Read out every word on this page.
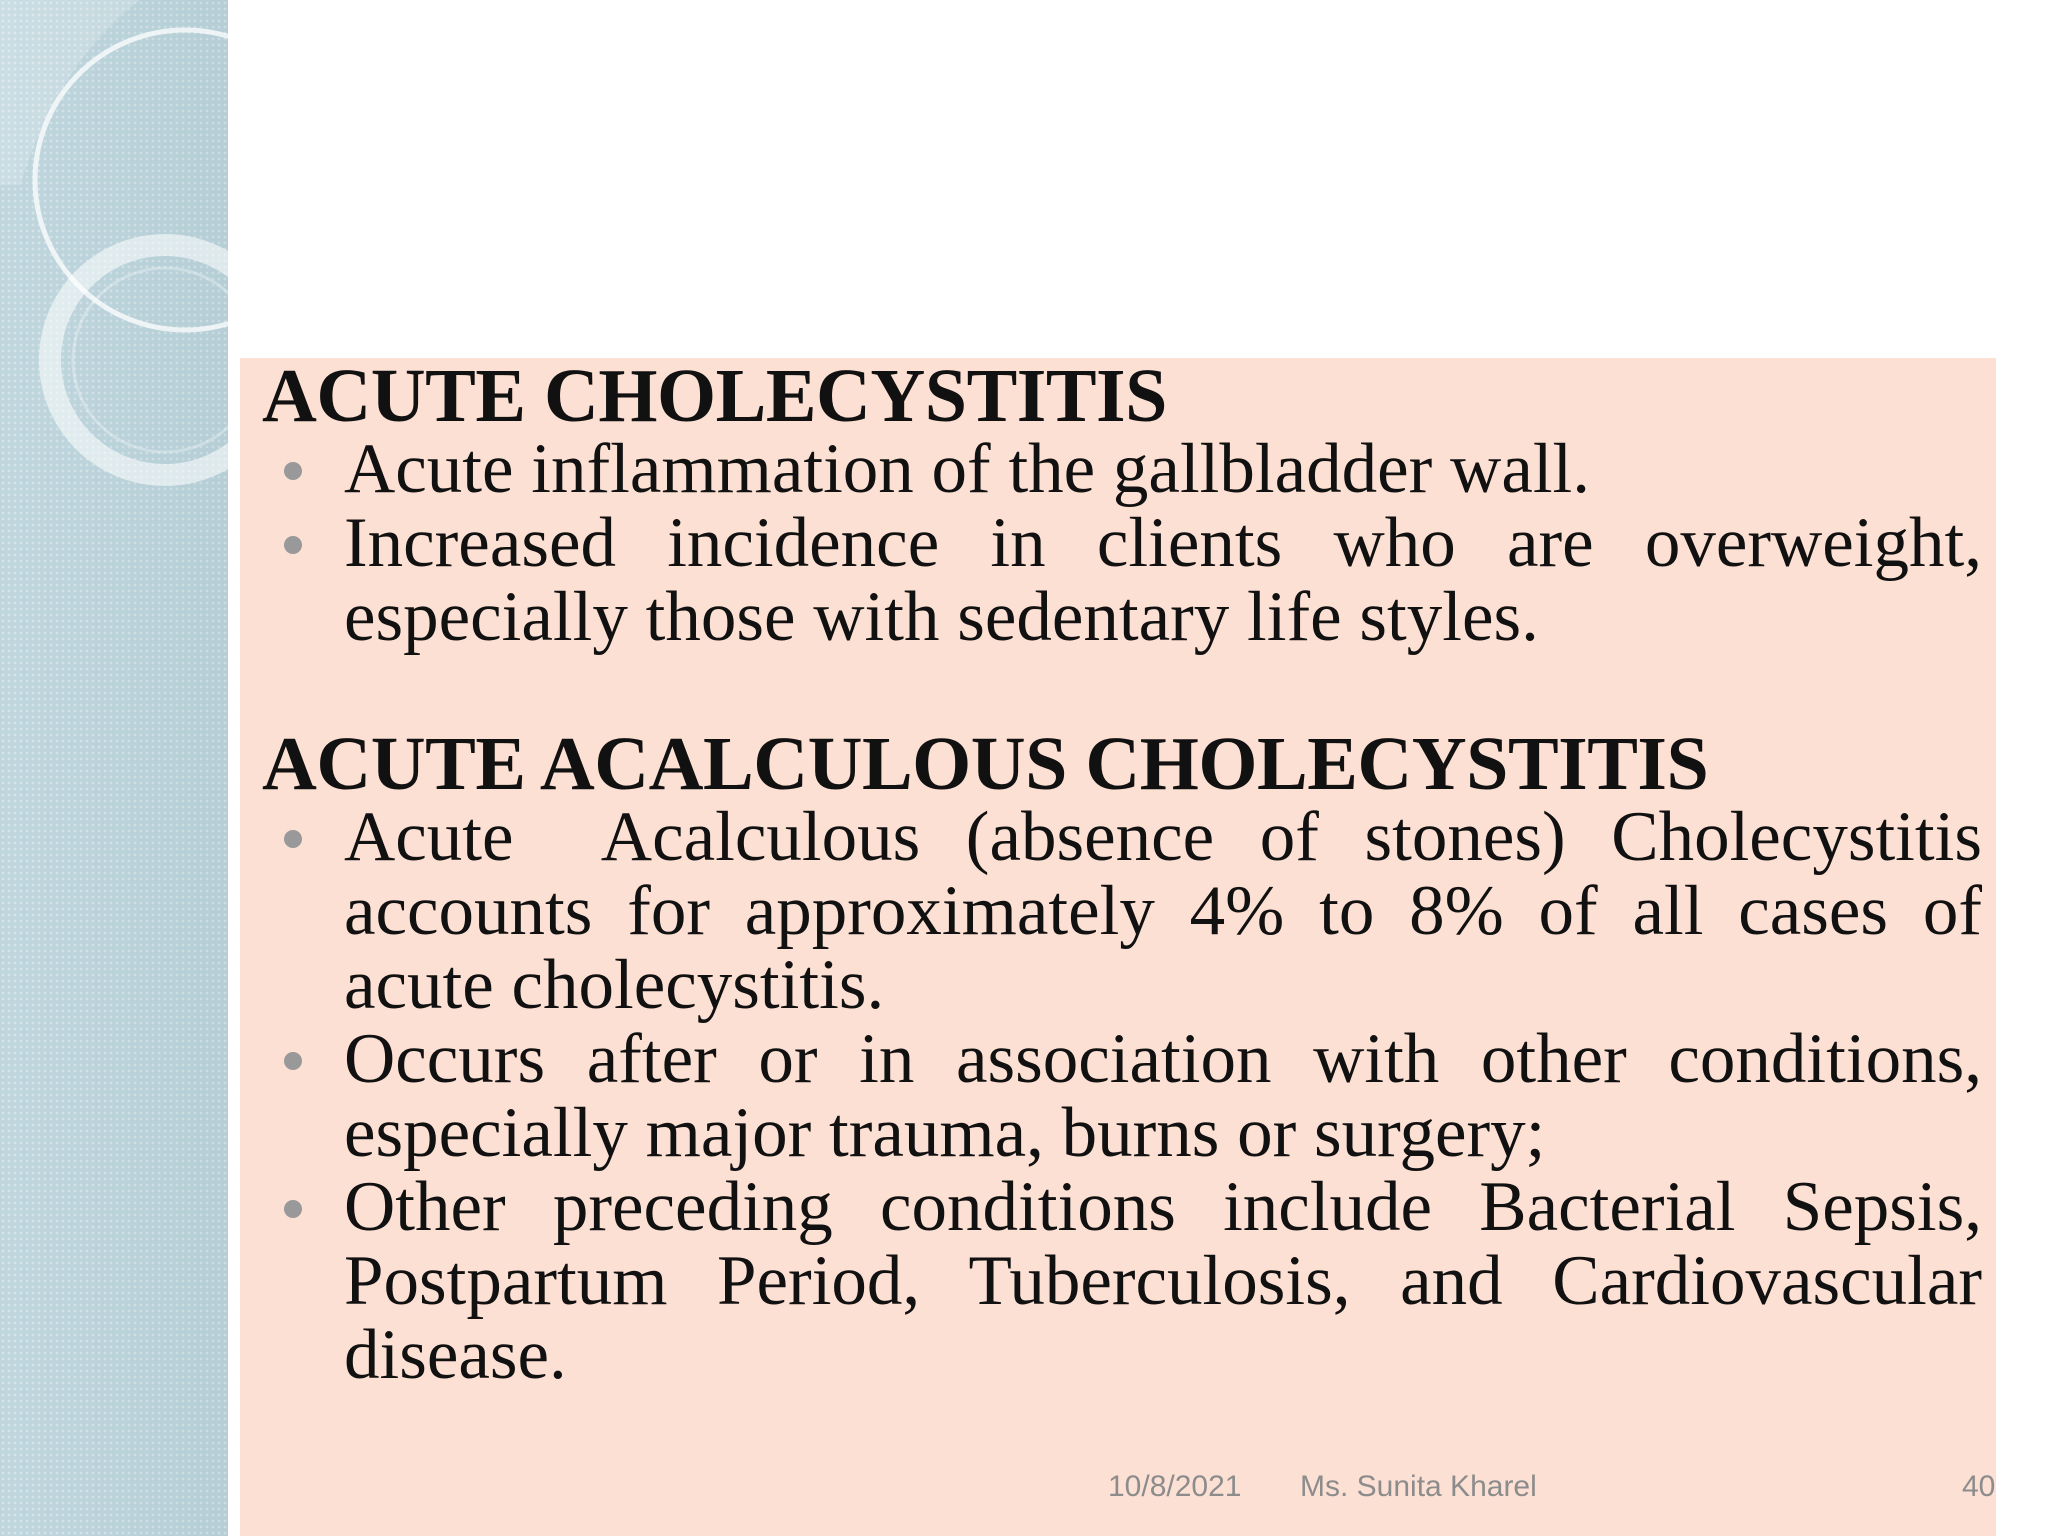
ACUTE CHOLECYSTITIS
Acute inflammation of the gallbladder wall.
Increased incidence in clients who are overweight, especially those with sedentary life styles.
ACUTE ACALCULOUS CHOLECYSTITIS
Acute  Acalculous (absence of stones) Cholecystitis accounts for approximately 4% to 8% of all cases of acute cholecystitis.
Occurs after or in association with other conditions, especially major trauma, burns or surgery;
Other preceding conditions include Bacterial Sepsis, Postpartum Period, Tuberculosis, and Cardiovascular disease.
10/8/2021 Ms. Sunita Kharel	40
